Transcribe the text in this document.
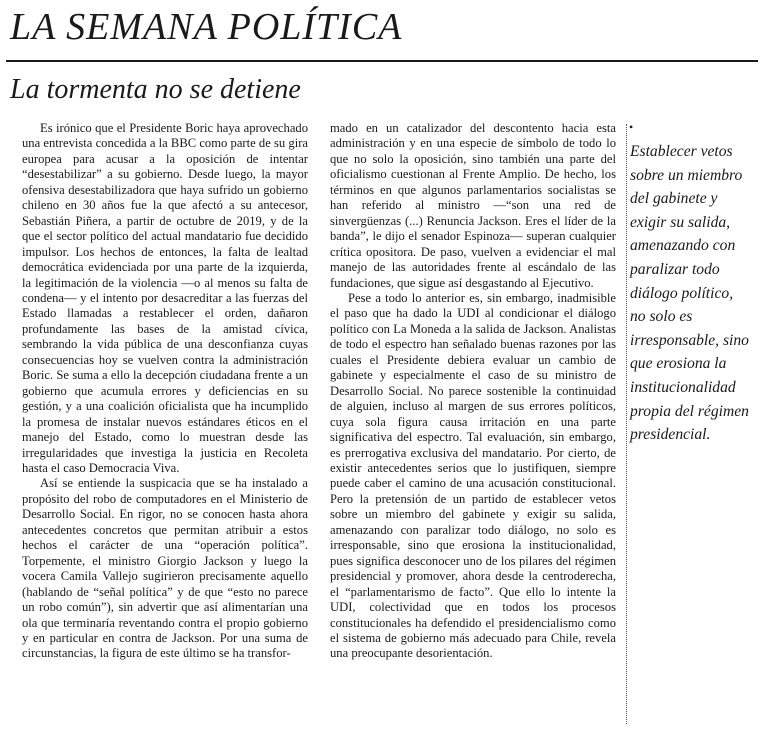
LA SEMANA POLÍTICA
La tormenta no se detiene

Es irónico que el Presidente Boric haya aprovechado una entrevista concedida a la BBC como parte de su gira europea para acusar a la oposición de intentar “desestabilizar” a su gobierno. Desde luego, la mayor ofensiva desestabilizadora que haya sufrido un gobierno chileno en 30 años fue la que afectó a su antecesor, Sebastián Piñera, a partir de octubre de 2019, y de la que el sector político del actual mandatario fue decidido impulsor. Los hechos de entonces, la falta de lealtad democrática evidenciada por una parte de la izquierda, la legitimación de la violencia —o al menos su falta de condena— y el intento por desacreditar a las fuerzas del Estado llamadas a restablecer el orden, dañaron profundamente las bases de la amistad cívica, sembrando la vida pública de una desconfianza cuyas consecuencias hoy se vuelven contra la administración Boric. Se suma a ello la decepción ciudadana frente a un gobierno que acumula errores y deficiencias en su gestión, y a una coalición oficialista que ha incumplido la promesa de instalar nuevos estándares éticos en el manejo del Estado, como lo muestran desde las irregularidades que investiga la justicia en Recoleta hasta el caso Democracia Viva.

Así se entiende la suspicacia que se ha instalado a propósito del robo de computadores en el Ministerio de Desarrollo Social. En rigor, no se conocen hasta ahora antecedentes concretos que permitan atribuir a estos hechos el carácter de una “operación política”. Torpemente, el ministro Giorgio Jackson y luego la vocera Camila Vallejo sugirieron precisamente aquello (hablando de “señal política” y de que “esto no parece un robo común”), sin advertir que así alimentarían una ola que terminaría reventando contra el propio gobierno y en particular en contra de Jackson. Por una suma de circunstancias, la figura de este último se ha transfor-

mado en un catalizador del descontento hacia esta administración y en una especie de símbolo de todo lo que no solo la oposición, sino también una parte del oficialismo cuestionan al Frente Amplio. De hecho, los términos en que algunos parlamentarios socialistas se han referido al ministro —“son una red de sinvergüenzas (...) Renuncia Jackson. Eres el líder de la banda”, le dijo el senador Espinoza— superan cualquier crítica opositora. De paso, vuelven a evidenciar el mal manejo de las autoridades frente al escándalo de las fundaciones, que sigue así desgastando al Ejecutivo.

Pese a todo lo anterior es, sin embargo, inadmisible el paso que ha dado la UDI al condicionar el diálogo político con La Moneda a la salida de Jackson. Analistas de todo el espectro han señalado buenas razones por las cuales el Presidente debiera evaluar un cambio de gabinete y especialmente el caso de su ministro de Desarrollo Social. No parece sostenible la continuidad de alguien, incluso al margen de sus errores políticos, cuya sola figura causa irritación en una parte significativa del espectro. Tal evaluación, sin embargo, es prerrogativa exclusiva del mandatario. Por cierto, de existir antecedentes serios que lo justifiquen, siempre puede caber el camino de una acusación constitucional. Pero la pretensión de un partido de establecer vetos sobre un miembro del gabinete y exigir su salida, amenazando con paralizar todo diálogo, no solo es irresponsable, sino que erosiona la institucionalidad, pues significa desconocer uno de los pilares del régimen presidencial y promover, ahora desde la centroderecha, el “parlamentarismo de facto”. Que ello lo intente la UDI, colectividad que en todos los procesos constitucionales ha defendido el presidencialismo como el sistema de gobierno más adecuado para Chile, revela una preocupante desorientación.

•
Establecer vetos sobre un miembro del gabinete y exigir su salida, amenazando con paralizar todo diálogo político, no solo es irresponsable, sino que erosiona la institucionalidad propia del régimen presidencial.
